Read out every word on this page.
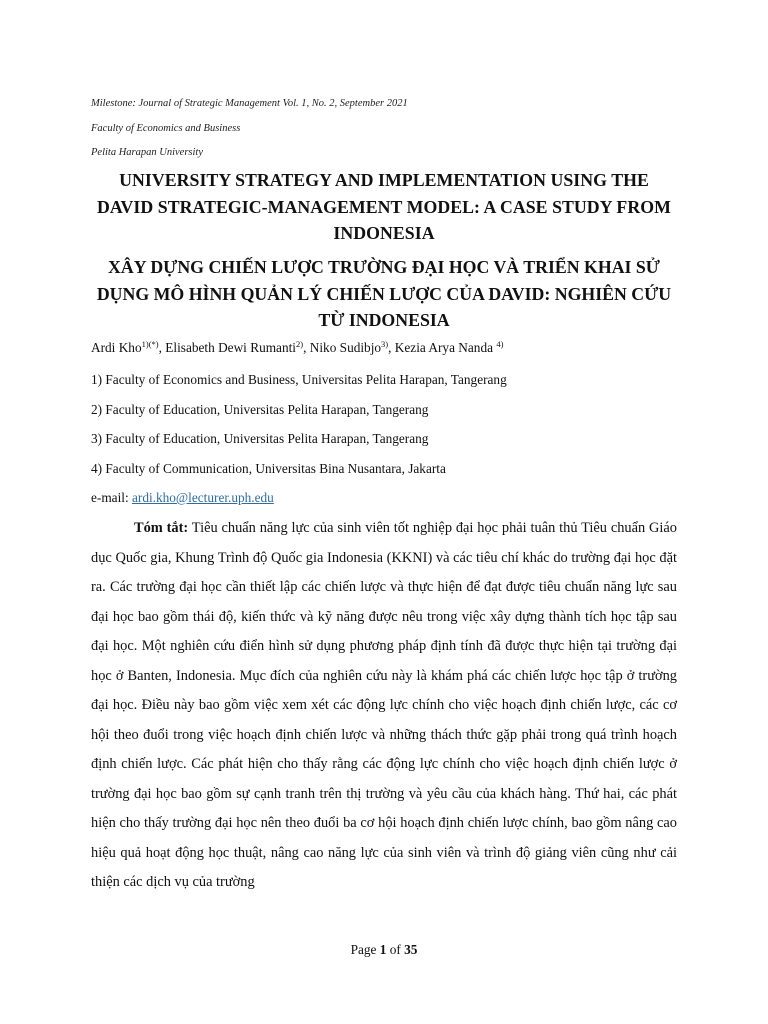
Milestone: Journal of Strategic Management Vol. 1, No. 2, September 2021
Faculty of Economics and Business
Pelita Harapan University
UNIVERSITY STRATEGY AND IMPLEMENTATION USING THE DAVID STRATEGIC-MANAGEMENT MODEL: A CASE STUDY FROM INDONESIA
XÂY DỰNG CHIẾN LƯỢC TRƯỜNG ĐẠI HỌC VÀ TRIỂN KHAI SỬ DỤNG MÔ HÌNH QUẢN LÝ CHIẾN LƯỢC CỦA DAVID: NGHIÊN CỨU TỪ INDONESIA
Ardi Kho$^{1)(*)}$, Elisabeth Dewi Rumanti$^{2)}$, Niko Sudibjo$^{3)}$, Kezia Arya Nanda $^{4)}$
1) Faculty of Economics and Business, Universitas Pelita Harapan, Tangerang
2) Faculty of Education, Universitas Pelita Harapan, Tangerang
3) Faculty of Education, Universitas Pelita Harapan, Tangerang
4) Faculty of Communication, Universitas Bina Nusantara, Jakarta
e-mail: ardi.kho@lecturer.uph.edu
Tóm tắt: Tiêu chuẩn năng lực của sinh viên tốt nghiệp đại học phải tuân thủ Tiêu chuẩn Giáo dục Quốc gia, Khung Trình độ Quốc gia Indonesia (KKNI) và các tiêu chí khác do trường đại học đặt ra. Các trường đại học cần thiết lập các chiến lược và thực hiện để đạt được tiêu chuẩn năng lực sau đại học bao gồm thái độ, kiến thức và kỹ năng được nêu trong việc xây dựng thành tích học tập sau đại học. Một nghiên cứu điển hình sử dụng phương pháp định tính đã được thực hiện tại trường đại học ở Banten, Indonesia. Mục đích của nghiên cứu này là khám phá các chiến lược học tập ở trường đại học. Điều này bao gồm việc xem xét các động lực chính cho việc hoạch định chiến lược, các cơ hội theo đuổi trong việc hoạch định chiến lược và những thách thức gặp phải trong quá trình hoạch định chiến lược. Các phát hiện cho thấy rằng các động lực chính cho việc hoạch định chiến lược ở trường đại học bao gồm sự cạnh tranh trên thị trường và yêu cầu của khách hàng. Thứ hai, các phát hiện cho thấy trường đại học nên theo đuổi ba cơ hội hoạch định chiến lược chính, bao gồm nâng cao hiệu quả hoạt động học thuật, nâng cao năng lực của sinh viên và trình độ giảng viên cũng như cải thiện các dịch vụ của trường
Page 1 of 35
